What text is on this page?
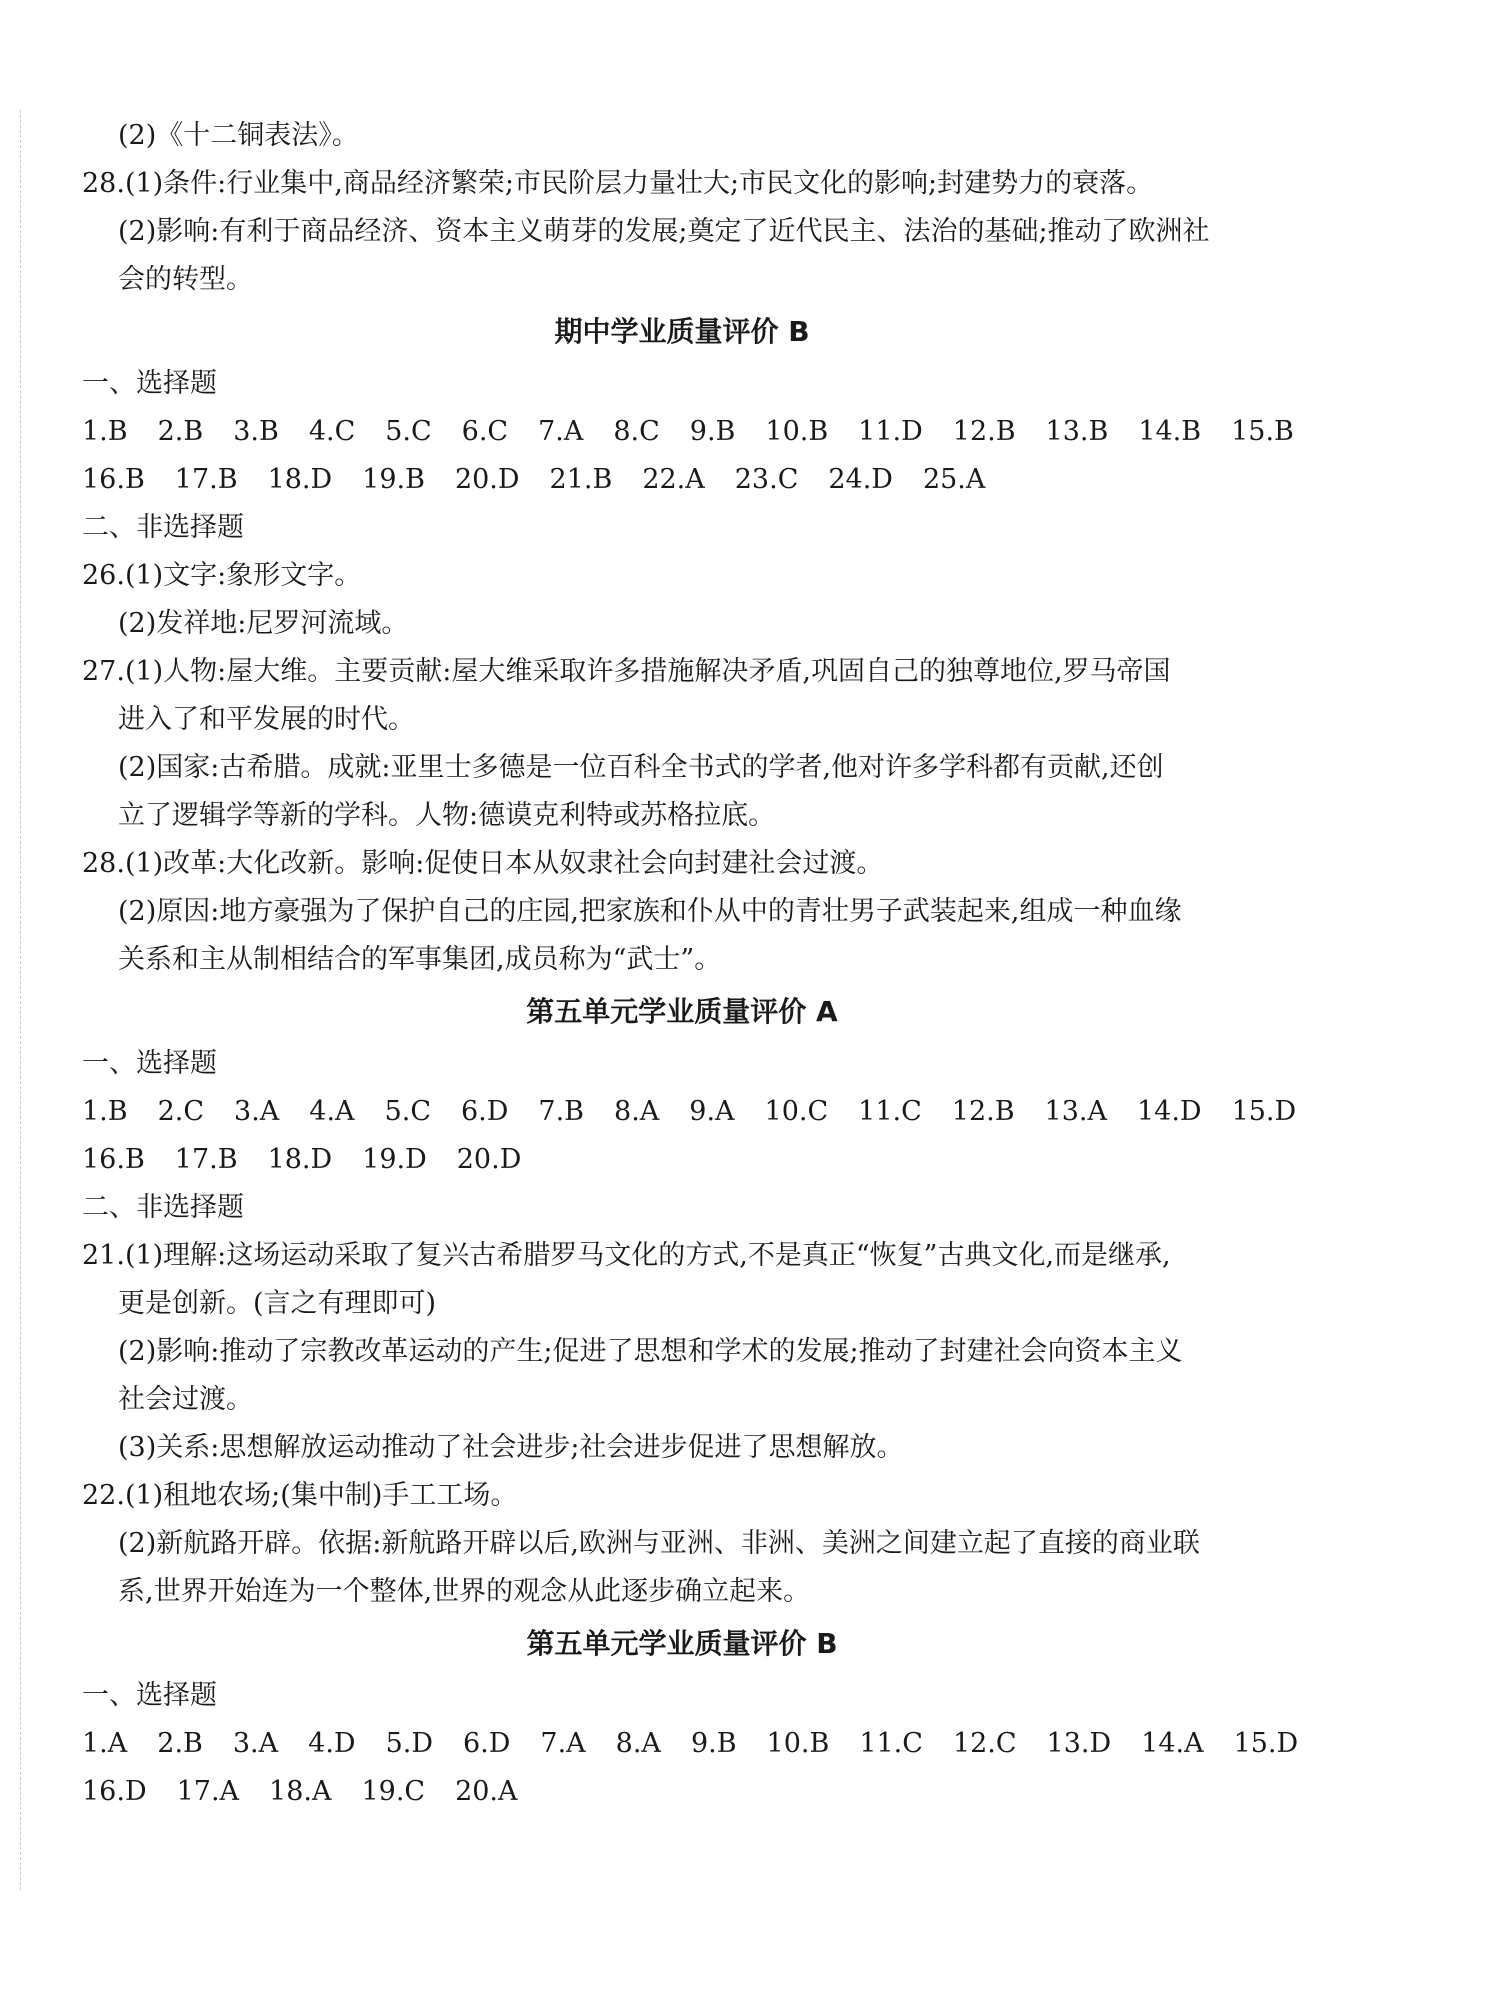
(2)《十二铜表法》。
28.(1)条件:行业集中,商品经济繁荣;市民阶层力量壮大;市民文化的影响;封建势力的衰落。
(2)影响:有利于商品经济、资本主义萌芽的发展;奠定了近代民主、法治的基础;推动了欧洲社
会的转型。
期中学业质量评价 B
一、选择题
1.B 2.B 3.B 4.C 5.C 6.C 7.A 8.C 9.B 10.B 11.D 12.B 13.B 14.B 15.B
16.B 17.B 18.D 19.B 20.D 21.B 22.A 23.C 24.D 25.A
二、非选择题
26.(1)文字:象形文字。
(2)发祥地:尼罗河流域。
27.(1)人物:屋大维。主要贡献:屋大维采取许多措施解决矛盾,巩固自己的独尊地位,罗马帝国
进入了和平发展的时代。
(2)国家:古希腊。成就:亚里士多德是一位百科全书式的学者,他对许多学科都有贡献,还创
立了逻辑学等新的学科。人物:德谟克利特或苏格拉底。
28.(1)改革:大化改新。影响:促使日本从奴隶社会向封建社会过渡。
(2)原因:地方豪强为了保护自己的庄园,把家族和仆从中的青壮男子武装起来,组成一种血缘
关系和主从制相结合的军事集团,成员称为“武士”。
第五单元学业质量评价 A
一、选择题
1.B 2.C 3.A 4.A 5.C 6.D 7.B 8.A 9.A 10.C 11.C 12.B 13.A 14.D 15.D
16.B 17.B 18.D 19.D 20.D
二、非选择题
21.(1)理解:这场运动采取了复兴古希腊罗马文化的方式,不是真正“恢复”古典文化,而是继承,
更是创新。(言之有理即可)
(2)影响:推动了宗教改革运动的产生;促进了思想和学术的发展;推动了封建社会向资本主义
社会过渡。
(3)关系:思想解放运动推动了社会进步;社会进步促进了思想解放。
22.(1)租地农场;(集中制)手工工场。
(2)新航路开辟。依据:新航路开辟以后,欧洲与亚洲、非洲、美洲之间建立起了直接的商业联
系,世界开始连为一个整体,世界的观念从此逐步确立起来。
第五单元学业质量评价 B
一、选择题
1.A 2.B 3.A 4.D 5.D 6.D 7.A 8.A 9.B 10.B 11.C 12.C 13.D 14.A 15.D
16.D 17.A 18.A 19.C 20.A
